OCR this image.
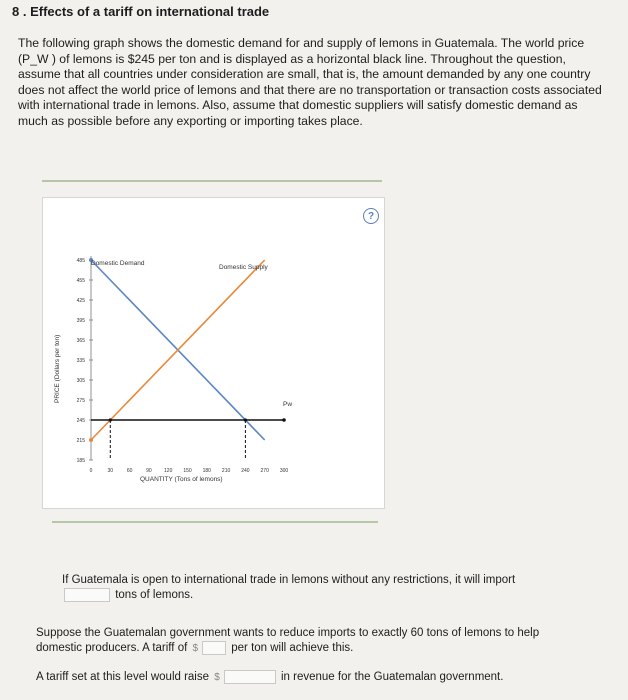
8 . Effects of a tariff on international trade
The following graph shows the domestic demand for and supply of lemons in Guatemala. The world price (P_W ) of lemons is $245 per ton and is displayed as a horizontal black line. Throughout the question, assume that all countries under consideration are small, that is, the amount demanded by any one country does not affect the world price of lemons and that there are no transportation or transaction costs associated with international trade in lemons. Also, assume that domestic suppliers will satisfy domestic demand as much as possible before any exporting or importing takes place.
?
185
215
245
275
305
335
365
395
425
455
485
0	30	60	90 120 150 180 210 240 270 300
Domestic Demand
Domestic Supply
Pw
QUANTITY (Tons of lemons)
PRICE (Dollars per ton)
If Guatemala is open to international trade in lemons without any restrictions, it will import
tons of lemons.
Suppose the Guatemalan government wants to reduce imports to exactly 60 tons of lemons to help
domestic producers. A tariff of $	per ton will achieve this.
A tariff set at this level would raise $	in revenue for the Guatemalan government.
